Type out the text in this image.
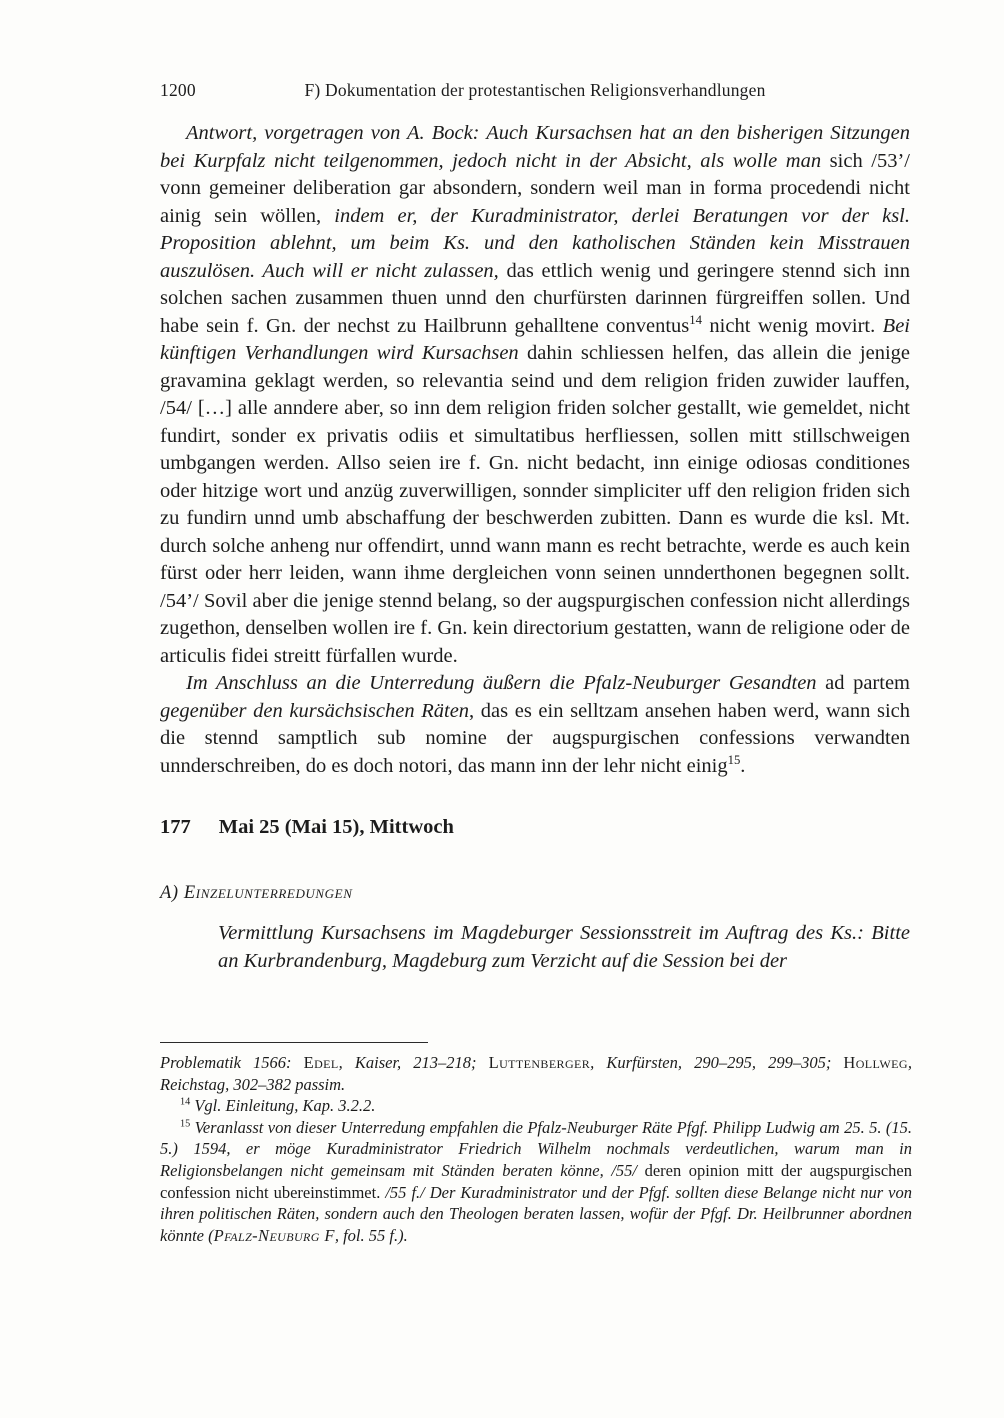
1200	F) Dokumentation der protestantischen Religionsverhandlungen

Antwort, vorgetragen von A. Bock: Auch Kursachsen hat an den bisherigen Sitzungen bei Kurpfalz nicht teilgenommen, jedoch nicht in der Absicht, als wolle man sich /53’/ vonn gemeiner deliberation gar absondern, sondern weil man in forma procedendi nicht ainig sein wöllen, indem er, der Kuradministrator, derlei Beratungen vor der ksl. Proposition ablehnt, um beim Ks. und den katholischen Ständen kein Misstrauen auszulösen. Auch will er nicht zulassen, das ettlich wenig und geringere stennd sich inn solchen sachen zusammen thuen unnd den churfürsten darinnen fürgreiffen sollen. Und habe sein f. Gn. der nechst zu Hailbrunn gehalltene conventus$^{14}$ nicht wenig movirt. Bei künftigen Verhandlungen wird Kursachsen dahin schliessen helfen, das allein die jenige gravamina geklagt werden, so relevantia seind und dem religion friden zuwider lauffen, /54/ […] alle anndere aber, so inn dem religion friden solcher gestallt, wie gemeldet, nicht fundirt, sonder ex privatis odiis et simultatibus herfliessen, sollen mitt stillschweigen umbgangen werden. Allso seien ire f. Gn. nicht bedacht, inn einige odiosas conditiones oder hitzige wort und anzüg zuverwilligen, sonnder simpliciter uff den religion friden sich zu fundirn unnd umb abschaffung der beschwerden zubitten. Dann es wurde die ksl. Mt. durch solche anheng nur offendirt, unnd wann mann es recht betrachte, werde es auch kein fürst oder herr leiden, wann ihme dergleichen vonn seinen unnderthonen begegnen sollt. /54’/ Sovil aber die jenige stennd belang, so der augspurgischen confession nicht allerdings zugethon, denselben wollen ire f. Gn. kein directorium gestatten, wann de religione oder de articulis fidei streitt fürfallen wurde.

Im Anschluss an die Unterredung äußern die Pfalz-Neuburger Gesandten ad partem gegenüber den kursächsischen Räten, das es ein selltzam ansehen haben werd, wann sich die stennd samptlich sub nomine der augspurgischen confessions verwandten unnderschreiben, do es doch notori, das mann inn der lehr nicht einig$^{15}$.

177 Mai 25 (Mai 15), Mittwoch
A) Einzelunterredungen

Vermittlung Kursachsens im Magdeburger Sessionsstreit im Auftrag des Ks.: Bitte an Kurbrandenburg, Magdeburg zum Verzicht auf die Session bei der

Problematik 1566: Edel, Kaiser, 213–218; Luttenberger, Kurfürsten, 290–295, 299–305; Hollweg, Reichstag, 302–382 passim.

$^{14}$ Vgl. Einleitung, Kap. 3.2.2.

$^{15}$ Veranlasst von dieser Unterredung empfahlen die Pfalz-Neuburger Räte Pfgf. Philipp Ludwig am 25. 5. (15. 5.) 1594, er möge Kuradministrator Friedrich Wilhelm nochmals verdeutlichen, warum man in Religionsbelangen nicht gemeinsam mit Ständen beraten könne, /55/ deren opinion mitt der augspurgischen confession nicht ubereinstimmet. /55 f./ Der Kuradministrator und der Pfgf. sollten diese Belange nicht nur von ihren politischen Räten, sondern auch den Theologen beraten lassen, wofür der Pfgf. Dr. Heilbrunner abordnen könnte (Pfalz-Neuburg F, fol. 55 f.).
